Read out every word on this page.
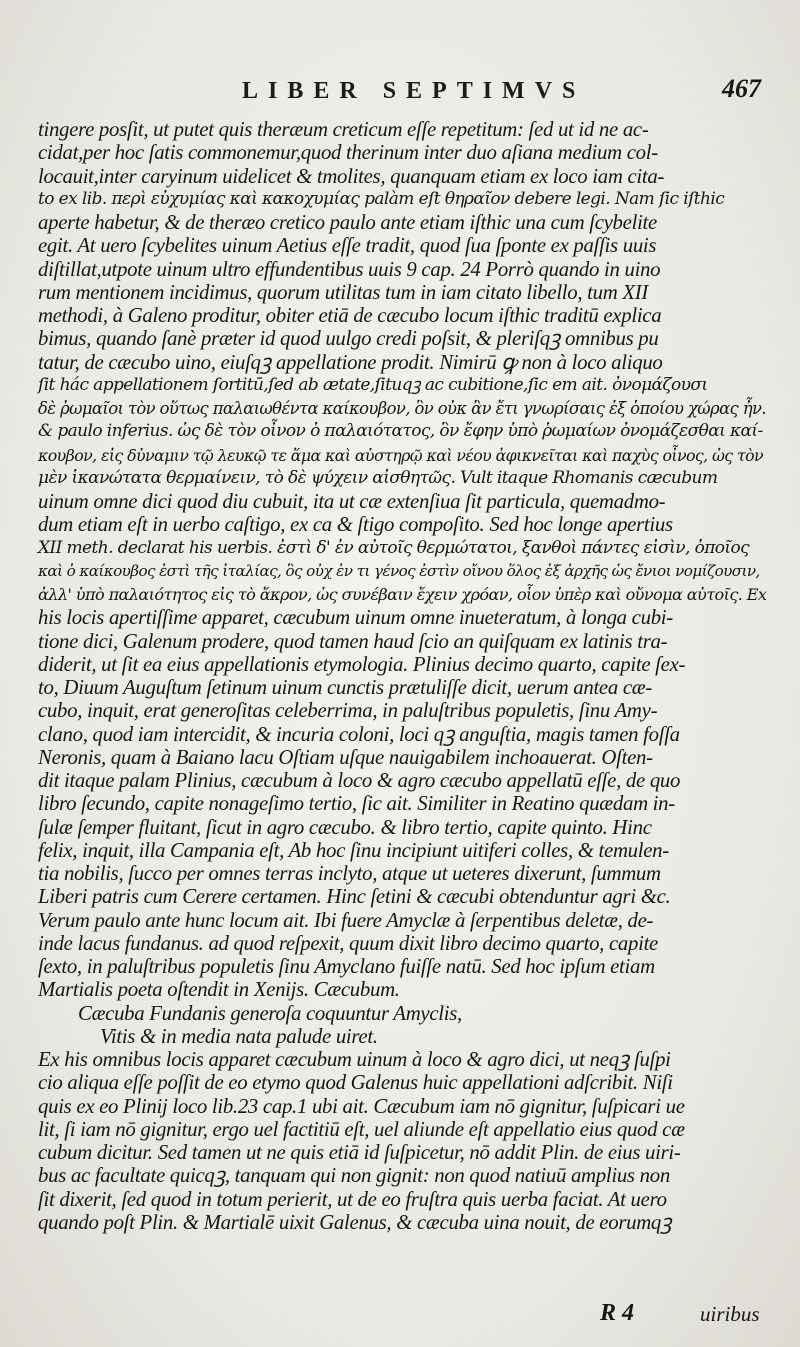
LIBER SEPTIMVS	467
tingere posſit, ut putet quis theræum creticum eſſe repetitum: ſed ut id ne ac-
cidat,per hoc ſatis commonemur,quod therinum inter duo aſiana medium col-
locauit,inter caryinum uidelicet & tmolites, quanquam etiam ex loco iam cita-
to ex lib. περὶ εὐχυμίας καὶ κακοχυμίας palàm eſt θηραῖον debere legi. Nam ſic iſthic
aperte habetur, & de theræo cretico paulo ante etiam iſthic una cum ſcybelite
egit. At uero ſcybelites uinum Aetius eſſe tradit, quod ſua ſponte ex paſſis uuis
diſtillat,utpote uinum ultro effundentibus uuis 9 cap. 24 Porrò quando in uino
rum mentionem incidimus, quorum utilitas tum in iam citato libello, tum XII
methodi, à Galeno proditur, obiter etiā de cæcubo locum iſthic traditū explica
bimus, quando ſanè præter id quod uulgo credi poſsit, & pleriſqꝫ omnibus pu
tatur, de cæcubo uino, eiuſqꝫ appellatione prodit. Nimirū ꝙ non à loco aliquo
ſit hác appellationem ſortitū,ſed ab ætate,ſituqꝫ ac cubitione,ſic em ait. ὀνομάζουσι
δὲ ῥωμαῖοι τὸν οὕτως παλαιωθέντα καίκουβον, ὃν οὐκ ἂν ἔτι γνωρίσαις ἐξ ὁποίου χώρας ἦν.
& paulo inferius. ὡς δὲ τὸν οἶνον ὁ παλαιότατος, ὃν ἔφην ὑπὸ ῥωμαίων ὀνομάζεσθαι καί-
κουβον, εἰς δὐναμιν τῷ λευκῷ τε ἅμα καὶ αὐστηρῷ καὶ νέου ἀφικνεῖται καὶ παχὺς οἶνος, ὡς τὸν
μὲν ἱκανώτατα θερμαίνειν, τὸ δὲ ψύχειν αἰσθητῶς. Vult itaque Rhomanis cæcubum
uinum omne dici quod diu cubuit, ita ut cæ extenſiua ſit particula, quemadmo-
dum etiam eſt in uerbo caſtigo, ex ca & ſtigo compoſito. Sed hoc longe apertius
XII meth. declarat his uerbis. ἐστὶ δ' ἐν αὐτοῖς θερμώτατοι, ξανθοὶ πάντες εἰσὶν, ὁποῖος
καὶ ὁ καίκουβος ἐστὶ τῆς ἰταλίας, ὃς οὐχ ἐν τι γένος ἐστὶν οἴνου ὅλος ἐξ ἀρχῆς ὡς ἔνιοι νομίζουσιν,
ἀλλ' ὑπὸ παλαιότητος εἰς τὸ ἄκρον, ὡς συνέβαιν ἔχειν χρόαν, οἷον ὑπὲρ καὶ οὔνομα αὐτοῖς. Ex
his locis apertiſſime apparet, cæcubum uinum omne inueteratum, à longa cubi-
tione dici, Galenum prodere, quod tamen haud ſcio an quiſquam ex latinis tra-
diderit, ut ſit ea eius appellationis etymologia. Plinius decimo quarto, capite ſex-
to, Diuum Auguſtum ſetinum uinum cunctis prætuliſſe dicit, uerum antea cæ-
cubo, inquit, erat generoſitas celeberrima, in paluſtribus populetis, ſinu Amy-
clano, quod iam intercidit, & incuria coloni, loci qꝫ anguſtia, magis tamen foſſa
Neronis, quam à Baiano lacu Oſtiam uſque nauigabilem inchoauerat. Oſten-
dit itaque palam Plinius, cæcubum à loco & agro cæcubo appellatū eſſe, de quo
libro ſecundo, capite nonageſimo tertio, ſic ait. Similiter in Reatino quædam in-
ſulæ ſemper fluitant, ſicut in agro cæcubo. & libro tertio, capite quinto. Hinc
felix, inquit, illa Campania eſt, Ab hoc ſinu incipiunt uitiferi colles, & temulen-
tia nobilis, ſucco per omnes terras inclyto, atque ut ueteres dixerunt, ſummum
Liberi patris cum Cerere certamen. Hinc ſetini & cæcubi obtenduntur agri &c.
Verum paulo ante hunc locum ait. Ibi fuere Amyclæ à ſerpentibus deletæ, de-
inde lacus fundanus. ad quod reſpexit, quum dixit libro decimo quarto, capite
ſexto, in paluſtribus populetis ſinu Amyclano fuiſſe natū. Sed hoc ipſum etiam
Martialis poeta oſtendit in Xenijs. Cæcubum.
Cæcuba Fundanis generoſa coquuntur Amyclis,
Vitis & in media nata palude uiret.
Ex his omnibus locis apparet cæcubum uinum à loco & agro dici, ut neqꝫ ſuſpi
cio aliqua eſſe poſſit de eo etymo quod Galenus huic appellationi adſcribit. Niſi
quis ex eo Plinij loco lib.23 cap.1 ubi ait. Cæcubum iam nō gignitur, ſuſpicari ue
lit, ſi iam nō gignitur, ergo uel factitiū eſt, uel aliunde eſt appellatio eius quod cæ
cubum dicitur. Sed tamen ut ne quis etiā id ſuſpicetur, nō addit Plin. de eius uiri-
bus ac facultate quicqꝫ, tanquam qui non gignit: non quod natiuū amplius non
ſit dixerit, ſed quod in totum perierit, ut de eo fruſtra quis uerba faciat. At uero
quando poſt Plin. & Martialē uixit Galenus, & cæcuba uina nouit, de eorumqꝫ
R 4	uiribus
